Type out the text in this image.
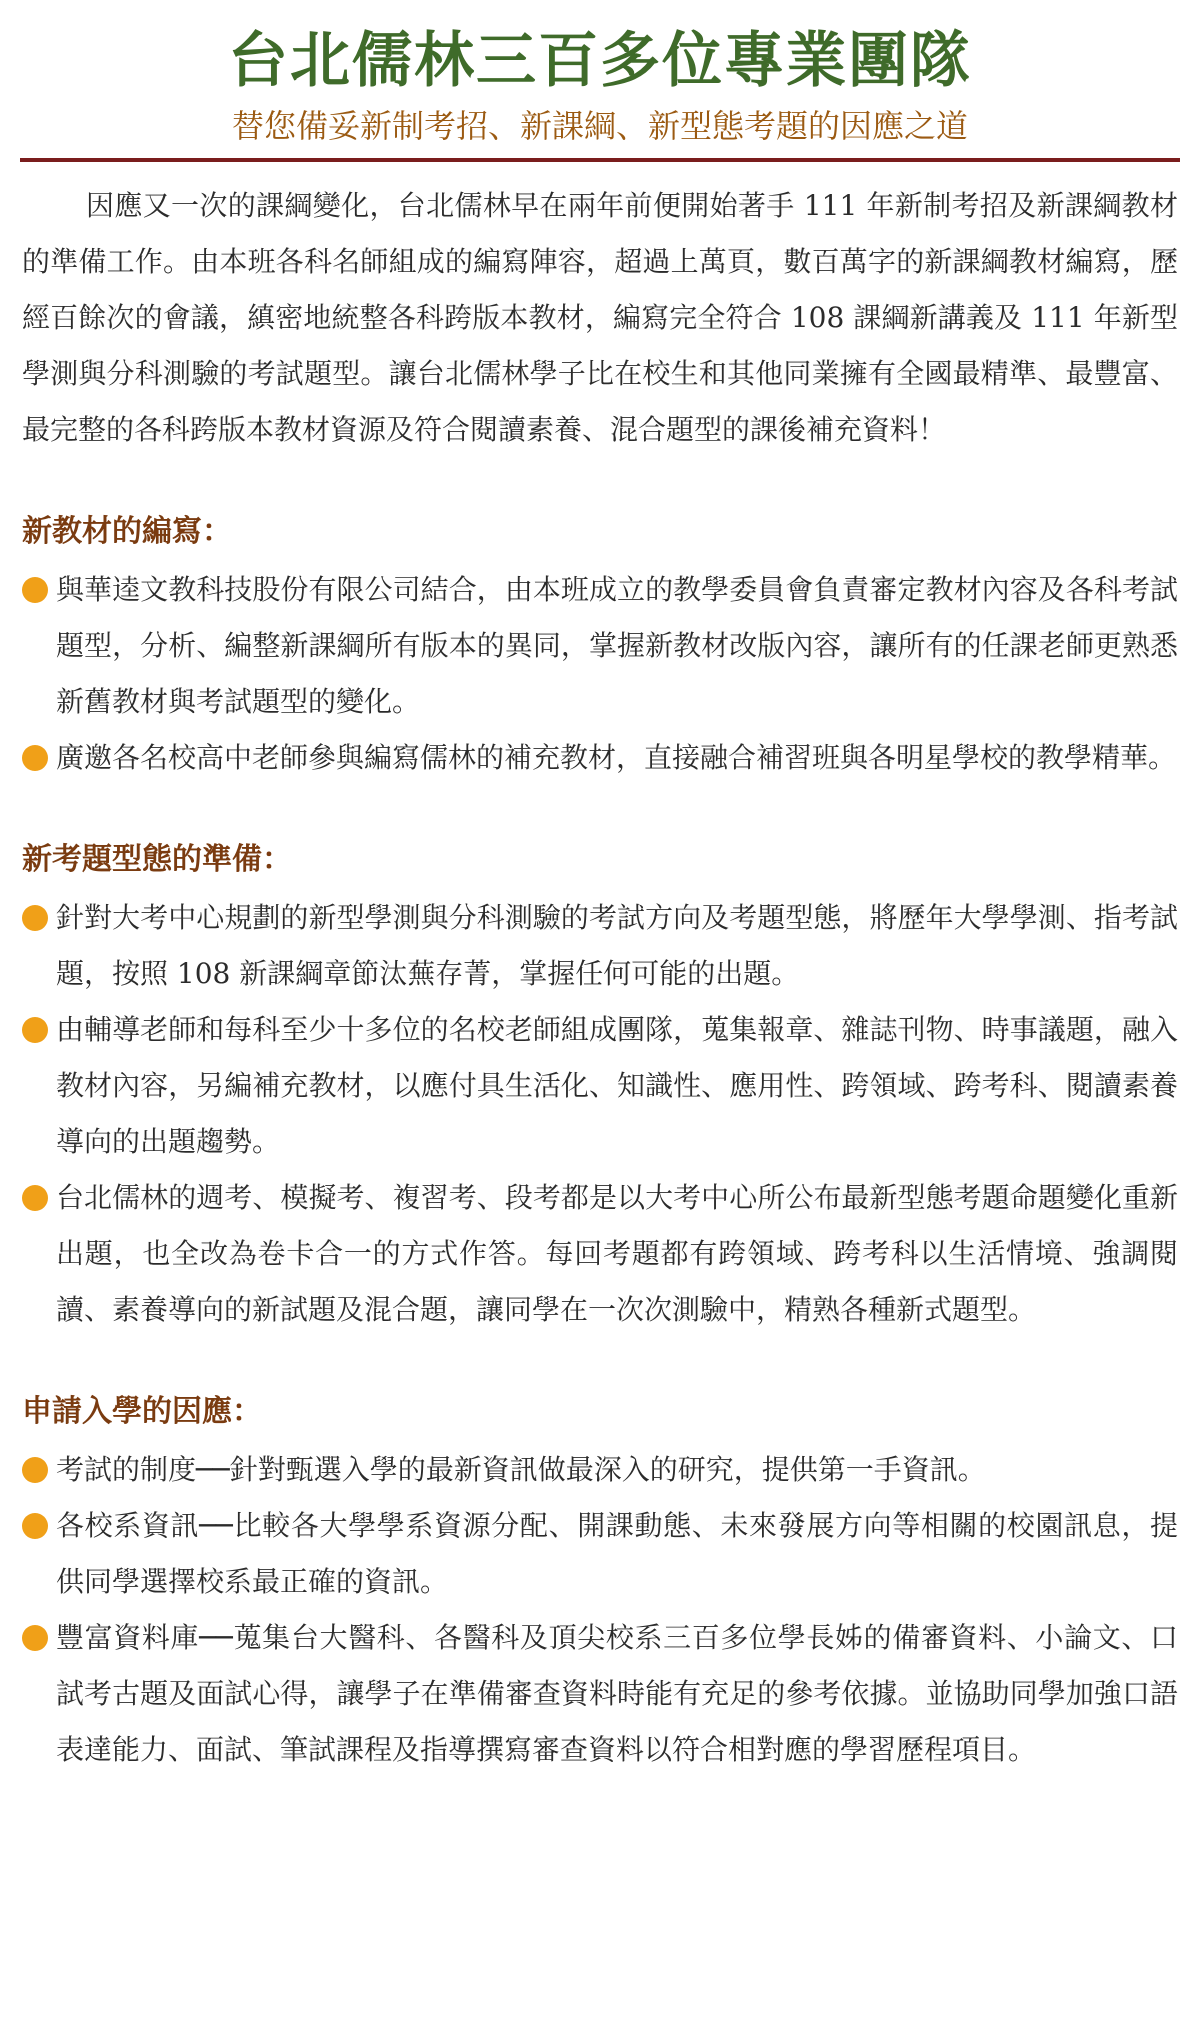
台北儒林三百多位專業團隊

替您備妥新制考招、新課綱、新型態考題的因應之道

因應又一次的課綱變化，台北儒林早在兩年前便開始著手 111 年新制考招及新課綱教材的準備工作。由本班各科名師組成的編寫陣容，超過上萬頁，數百萬字的新課綱教材編寫，歷經百餘次的會議，縝密地統整各科跨版本教材，編寫完全符合 108 課綱新講義及 111 年新型學測與分科測驗的考試題型。讓台北儒林學子比在校生和其他同業擁有全國最精準、最豐富、最完整的各科跨版本教材資源及符合閱讀素養、混合題型的課後補充資料！

新教材的編寫：
與華逵文教科技股份有限公司結合，由本班成立的教學委員會負責審定教材內容及各科考試題型，分析、編整新課綱所有版本的異同，掌握新教材改版內容，讓所有的任課老師更熟悉新舊教材與考試題型的變化。
廣邀各名校高中老師參與編寫儒林的補充教材，直接融合補習班與各明星學校的教學精華。
新考題型態的準備：
針對大考中心規劃的新型學測與分科測驗的考試方向及考題型態，將歷年大學學測、指考試題，按照 108 新課綱章節汰蕪存菁，掌握任何可能的出題。
由輔導老師和每科至少十多位的名校老師組成團隊，蒐集報章、雜誌刊物、時事議題，融入教材內容，另編補充教材，以應付具生活化、知識性、應用性、跨領域、跨考科、閱讀素養導向的出題趨勢。
台北儒林的週考、模擬考、複習考、段考都是以大考中心所公布最新型態考題命題變化重新出題，也全改為卷卡合一的方式作答。每回考題都有跨領域、跨考科以生活情境、強調閱讀、素養導向的新試題及混合題，讓同學在一次次測驗中，精熟各種新式題型。
申請入學的因應：
考試的制度──針對甄選入學的最新資訊做最深入的研究，提供第一手資訊。
各校系資訊──比較各大學學系資源分配、開課動態、未來發展方向等相關的校園訊息，提供同學選擇校系最正確的資訊。
豐富資料庫──蒐集台大醫科、各醫科及頂尖校系三百多位學長姊的備審資料、小論文、口試考古題及面試心得，讓學子在準備審查資料時能有充足的參考依據。並協助同學加強口語表達能力、面試、筆試課程及指導撰寫審查資料以符合相對應的學習歷程項目。
